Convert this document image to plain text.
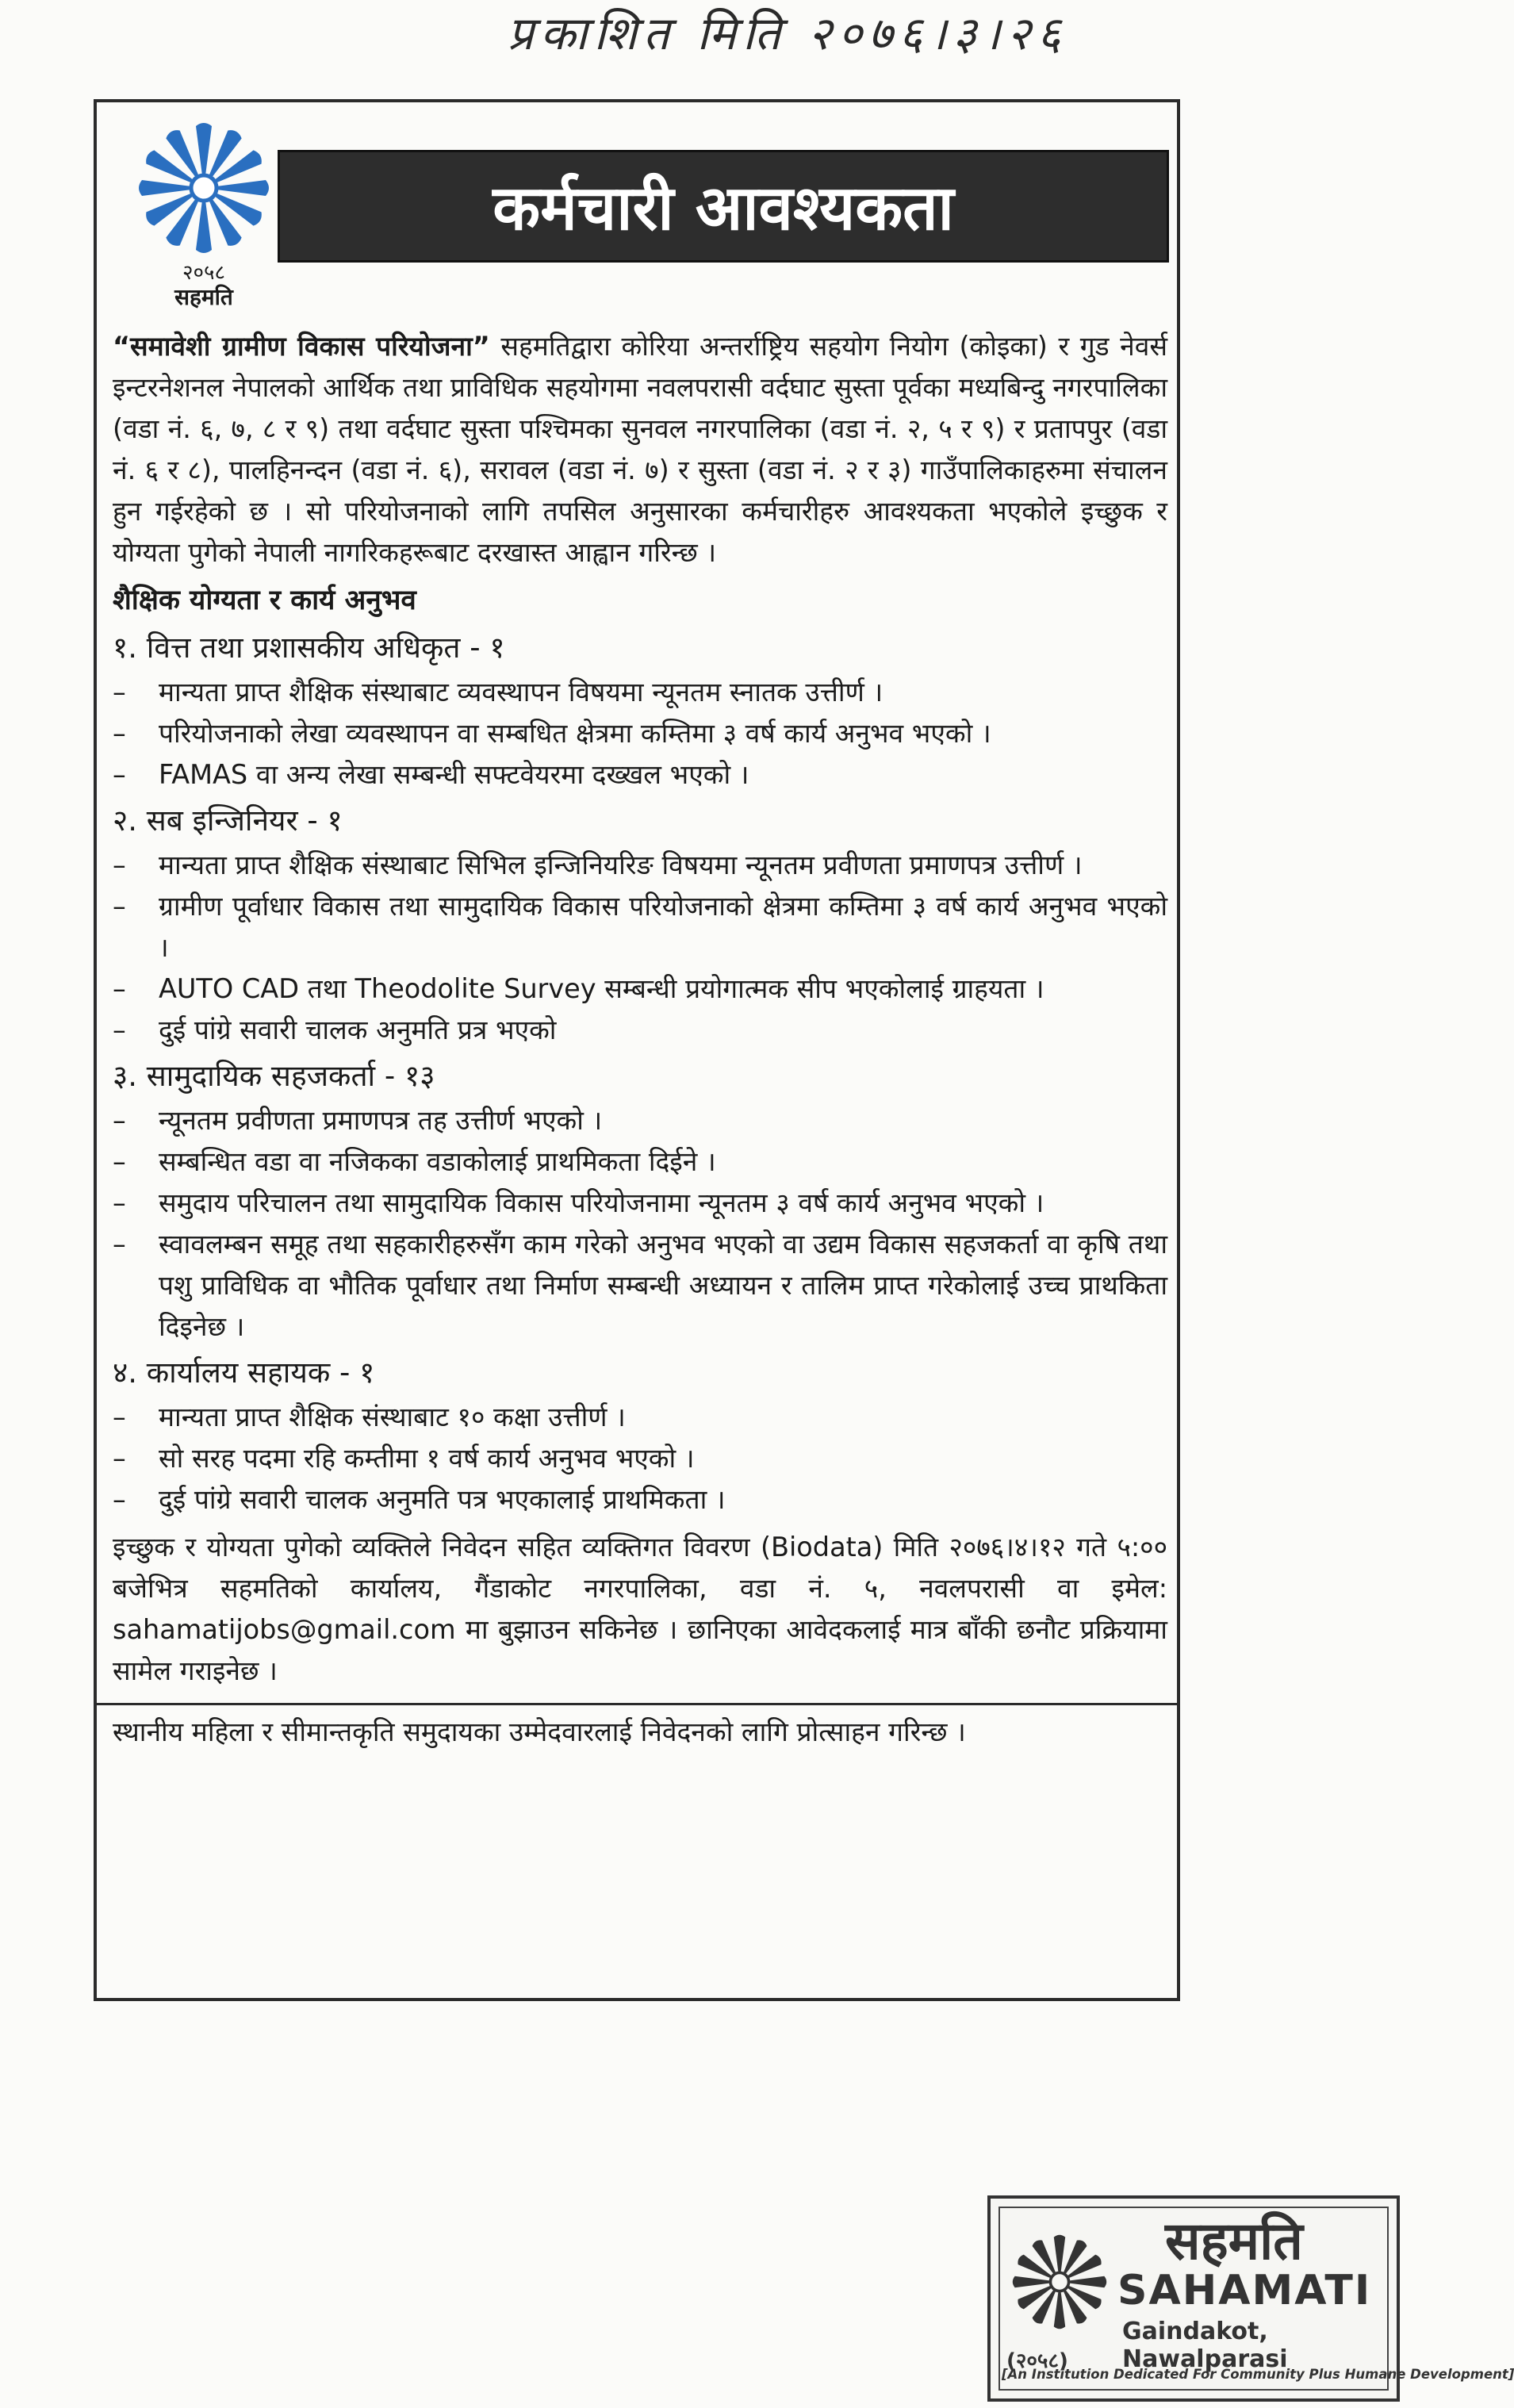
प्रकाशित मिति २०७६।३।२६
२०५८
सहमति
कर्मचारी आवश्यकता

“समावेशी ग्रामीण विकास परियोजना” सहमतिद्वारा कोरिया अन्तर्राष्ट्रिय सहयोग नियोग (कोइका) र गुड नेवर्स इन्टरनेशनल नेपालको आर्थिक तथा प्राविधिक सहयोगमा नवलपरासी वर्दघाट सुस्ता पूर्वका मध्यबिन्दु नगरपालिका (वडा नं. ६, ७, ८ र ९) तथा वर्दघाट सुस्ता पश्चिमका सुनवल नगरपालिका (वडा नं. २, ५ र ९) र प्रतापपुर (वडा नं. ६ र ८), पालहिनन्दन (वडा नं. ६), सरावल (वडा नं. ७) र सुस्ता (वडा नं. २ र ३) गाउँपालिकाहरुमा संचालन हुन गईरहेको छ । सो परियोजनाको लागि तपसिल अनुसारका कर्मचारीहरु आवश्यकता भएकोले इच्छुक र योग्यता पुगेको नेपाली नागरिकहरूबाट दरखास्त आह्वान गरिन्छ ।

शैक्षिक योग्यता र कार्य अनुभव
१. वित्त तथा प्रशासकीय अधिकृत - १
–	मान्यता प्राप्त शैक्षिक संस्थाबाट व्यवस्थापन विषयमा न्यूनतम स्नातक उत्तीर्ण ।
–	परियोजनाको लेखा व्यवस्थापन वा सम्बधित क्षेत्रमा कम्तिमा ३ वर्ष कार्य अनुभव भएको ।
–	FAMAS वा अन्य लेखा सम्बन्धी सफ्टवेयरमा दख्खल भएको ।
२. सब इन्जिनियर - १
–	मान्यता प्राप्त शैक्षिक संस्थाबाट सिभिल इन्जिनियरिङ विषयमा न्यूनतम प्रवीणता प्रमाणपत्र उत्तीर्ण ।
–	ग्रामीण पूर्वाधार विकास तथा सामुदायिक विकास परियोजनाको क्षेत्रमा कम्तिमा ३ वर्ष कार्य अनुभव भएको ।
–	AUTO CAD तथा Theodolite Survey सम्बन्धी प्रयोगात्मक सीप भएकोलाई ग्राहयता ।
–	दुई पांग्रे सवारी चालक अनुमति प्रत्र भएको
३. सामुदायिक सहजकर्ता - १३
–	न्यूनतम प्रवीणता प्रमाणपत्र तह उत्तीर्ण भएको ।
–	सम्बन्धित वडा वा नजिकका वडाकोलाई प्राथमिकता दिईने ।
–	समुदाय परिचालन तथा सामुदायिक विकास परियोजनामा न्यूनतम ३ वर्ष कार्य अनुभव भएको ।
–	स्वावलम्बन समूह तथा सहकारीहरुसँग काम गरेको अनुभव भएको वा उद्यम विकास सहजकर्ता वा कृषि तथा पशु प्राविधिक वा भौतिक पूर्वाधार तथा निर्माण सम्बन्धी अध्यायन र तालिम प्राप्त गरेकोलाई उच्च प्राथकिता दिइनेछ ।
४. कार्यालय सहायक - १
–	मान्यता प्राप्त शैक्षिक संस्थाबाट १० कक्षा उत्तीर्ण ।
–	सो सरह पदमा रहि कम्तीमा १ वर्ष कार्य अनुभव भएको ।
–	दुई पांग्रे सवारी चालक अनुमति पत्र भएकालाई प्राथमिकता ।

इच्छुक र योग्यता पुगेको व्यक्तिले निवेदन सहित व्यक्तिगत विवरण (Biodata) मिति २०७६।४।१२ गते ५:०० बजेभित्र सहमतिको कार्यालय, गैंडाकोट नगरपालिका, वडा नं. ५, नवलपरासी वा इमेल: sahamatijobs@gmail.com मा बुझाउन सकिनेछ । छानिएका आवेदकलाई मात्र बाँकी छनौट प्रक्रियामा सामेल गराइनेछ ।

स्थानीय महिला र सीमान्तकृति समुदायका उम्मेदवारलाई निवेदनको लागि प्रोत्साहन गरिन्छ ।
सहमति
SAHAMATI
Gaindakot, Nawalparasi
(२०५८)
[An Institution Dedicated For Community Plus Humane Development]
